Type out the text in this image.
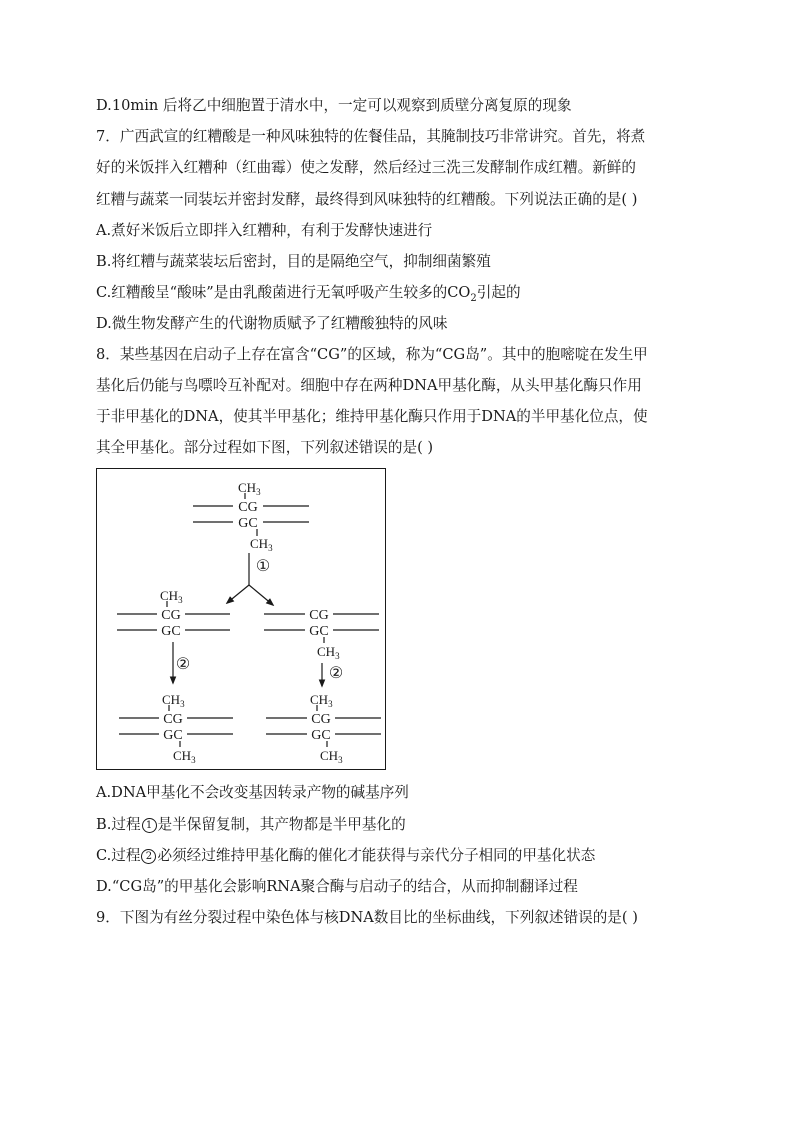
D.10min 后将乙中细胞置于清水中，一定可以观察到质壁分离复原的现象
7．广西武宣的红糟酸是一种风味独特的佐餐佳品，其腌制技巧非常讲究。首先，将煮
好的米饭拌入红糟种（红曲霉）使之发酵，然后经过三洗三发酵制作成红糟。新鲜的
红糟与蔬菜一同装坛并密封发酵，最终得到风味独特的红糟酸。下列说法正确的是( )
A.煮好米饭后立即拌入红糟种，有利于发酵快速进行
B.将红糟与蔬菜装坛后密封，目的是隔绝空气，抑制细菌繁殖
C.红糟酸呈“酸味”是由乳酸菌进行无氧呼吸产生较多的$CO_2$引起的
D.微生物发酵产生的代谢物质赋予了红糟酸独特的风味
8．某些基因在启动子上存在富含“CG”的区域，称为“CG岛”。其中的胞嘧啶在发生甲
基化后仍能与鸟嘌呤互补配对。细胞中存在两种DNA甲基化酶，从头甲基化酶只作用
于非甲基化的DNA，使其半甲基化；维持甲基化酶只作用于DNA的半甲基化位点，使
其全甲基化。部分过程如下图，下列叙述错误的是( )
$CH_3$
CG
GC
$CH_3$
①
$CH_3$
CG
GC
CG
GC
$CH_3$
②
②
$CH_3$
CG
GC
$CH_3$
$CH_3$
CG
GC
$CH_3$
A.DNA甲基化不会改变基因转录产物的碱基序列
B.过程 1 是半保留复制，其产物都是半甲基化的
C.过程 2 必须经过维持甲基化酶的催化才能获得与亲代分子相同的甲基化状态
D.“CG岛”的甲基化会影响RNA聚合酶与启动子的结合，从而抑制翻译过程
9．下图为有丝分裂过程中染色体与核DNA数目比的坐标曲线，下列叙述错误的是( )
